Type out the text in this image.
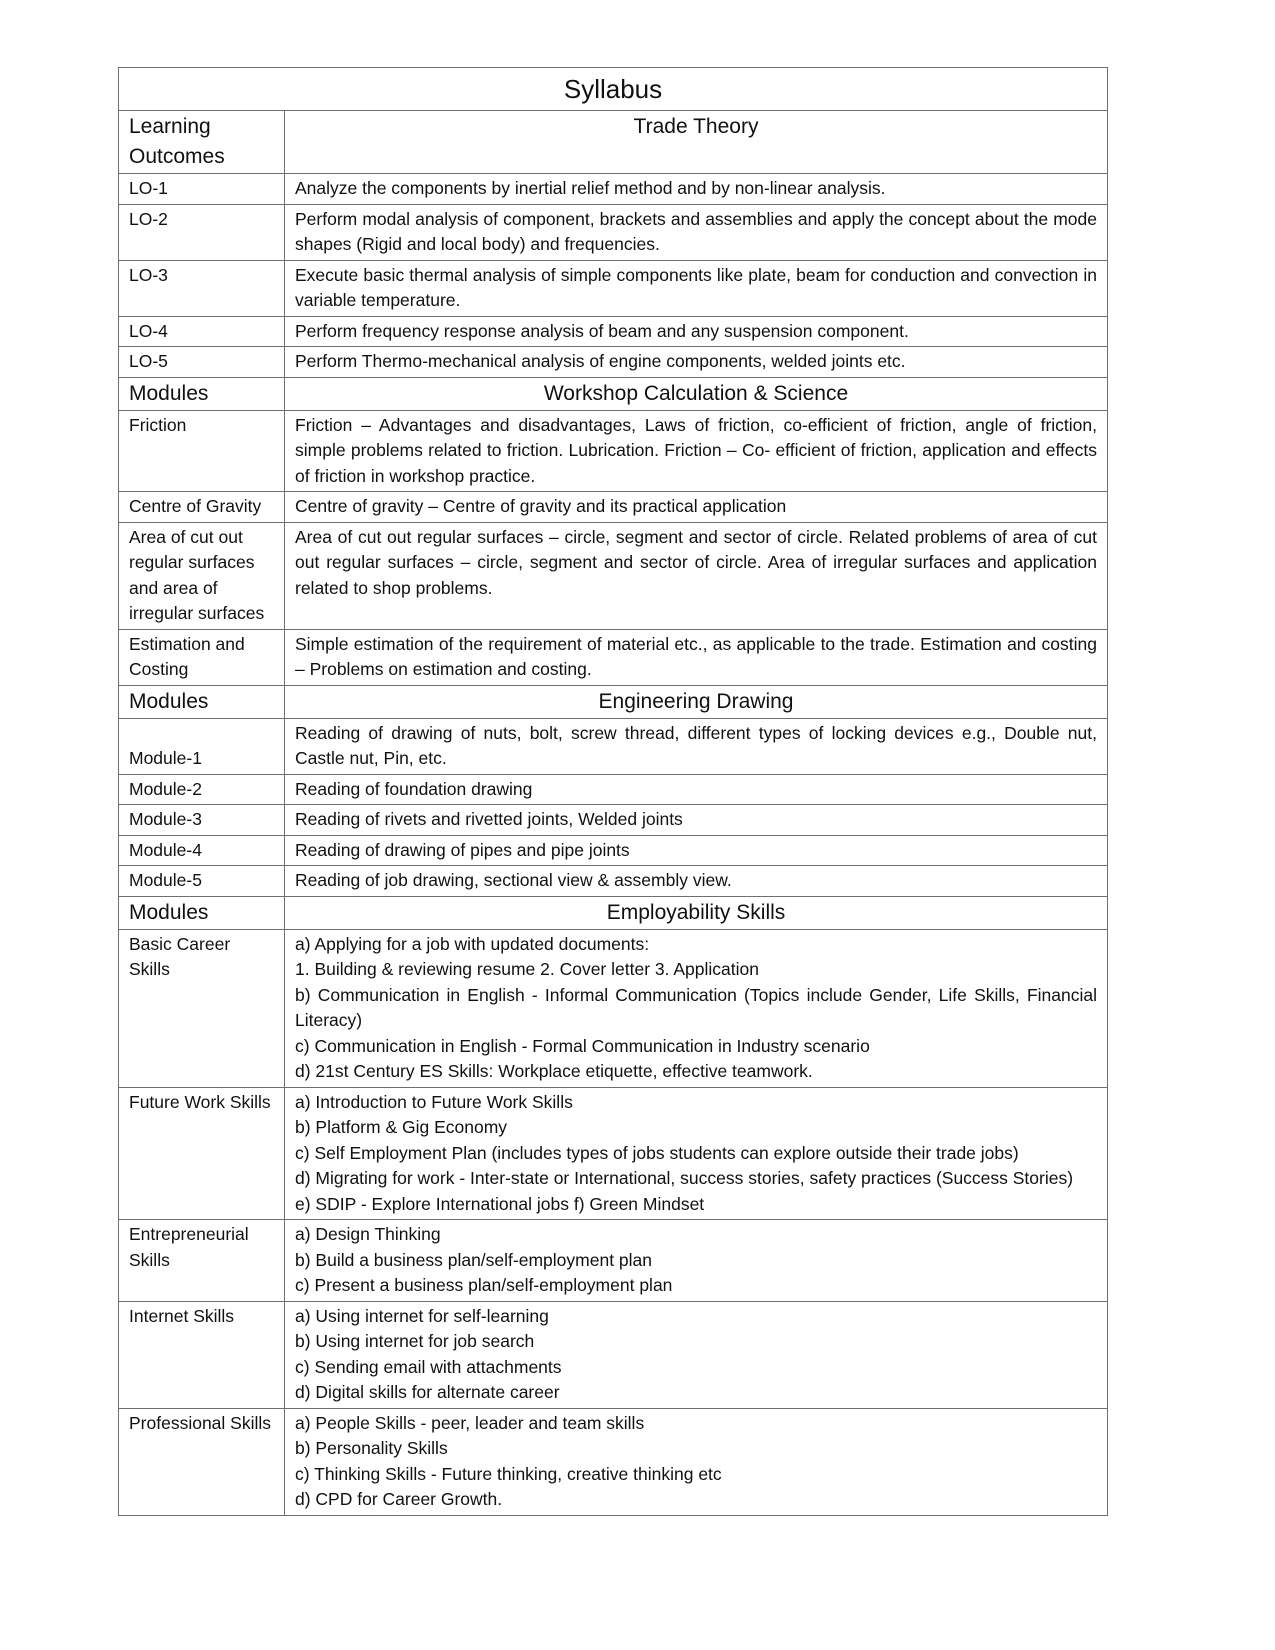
Syllabus	
Learning Outcomes	Trade Theory
LO-1	Analyze the components by inertial relief method and by non-linear analysis.
LO-2	Perform modal analysis of component, brackets and assemblies and apply the concept about the mode shapes (Rigid and local body) and frequencies.
LO-3	Execute basic thermal analysis of simple components like plate, beam for conduction and convection in variable temperature.
LO-4	Perform frequency response analysis of beam and any suspension component.
LO-5	Perform Thermo-mechanical analysis of engine components, welded joints etc.
Modules	Workshop Calculation & Science
Friction	Friction – Advantages and disadvantages, Laws of friction, co-efficient of friction, angle of friction, simple problems related to friction. Lubrication. Friction – Co- efficient of friction, application and effects of friction in workshop practice.
Centre of Gravity	Centre of gravity – Centre of gravity and its practical application
Area of cut out regular surfaces and area of irregular surfaces	Area of cut out regular surfaces – circle, segment and sector of circle. Related problems of area of cut out regular surfaces – circle, segment and sector of circle. Area of irregular surfaces and application related to shop problems.
Estimation and Costing	Simple estimation of the requirement of material etc., as applicable to the trade. Estimation and costing – Problems on estimation and costing.
Modules	Engineering Drawing
Module-1	Reading of drawing of nuts, bolt, screw thread, different types of locking devices e.g., Double nut, Castle nut, Pin, etc.
Module-2	Reading of foundation drawing
Module-3	Reading of rivets and rivetted joints, Welded joints
Module-4	Reading of drawing of pipes and pipe joints
Module-5	Reading of job drawing, sectional view & assembly view.
Modules	Employability Skills
Basic Career Skills	a) Applying for a job with updated documents:
1. Building & reviewing resume 2. Cover letter 3. Application
b) Communication in English - Informal Communication (Topics include Gender, Life Skills, Financial Literacy)
c) Communication in English - Formal Communication in Industry scenario
d) 21st Century ES Skills: Workplace etiquette, effective teamwork.

Future Work Skills	a) Introduction to Future Work Skills
b) Platform & Gig Economy
c) Self Employment Plan (includes types of jobs students can explore outside their trade jobs)
d) Migrating for work - Inter-state or International, success stories, safety practices (Success Stories)
e) SDIP - Explore International jobs f) Green Mindset

Entrepreneurial Skills	a) Design Thinking
b) Build a business plan/self-employment plan
c) Present a business plan/self-employment plan

Internet Skills	a) Using internet for self-learning
b) Using internet for job search
c) Sending email with attachments
d) Digital skills for alternate career

Professional Skills	a) People Skills - peer, leader and team skills
b) Personality Skills
c) Thinking Skills - Future thinking, creative thinking etc
d) CPD for Career Growth.
